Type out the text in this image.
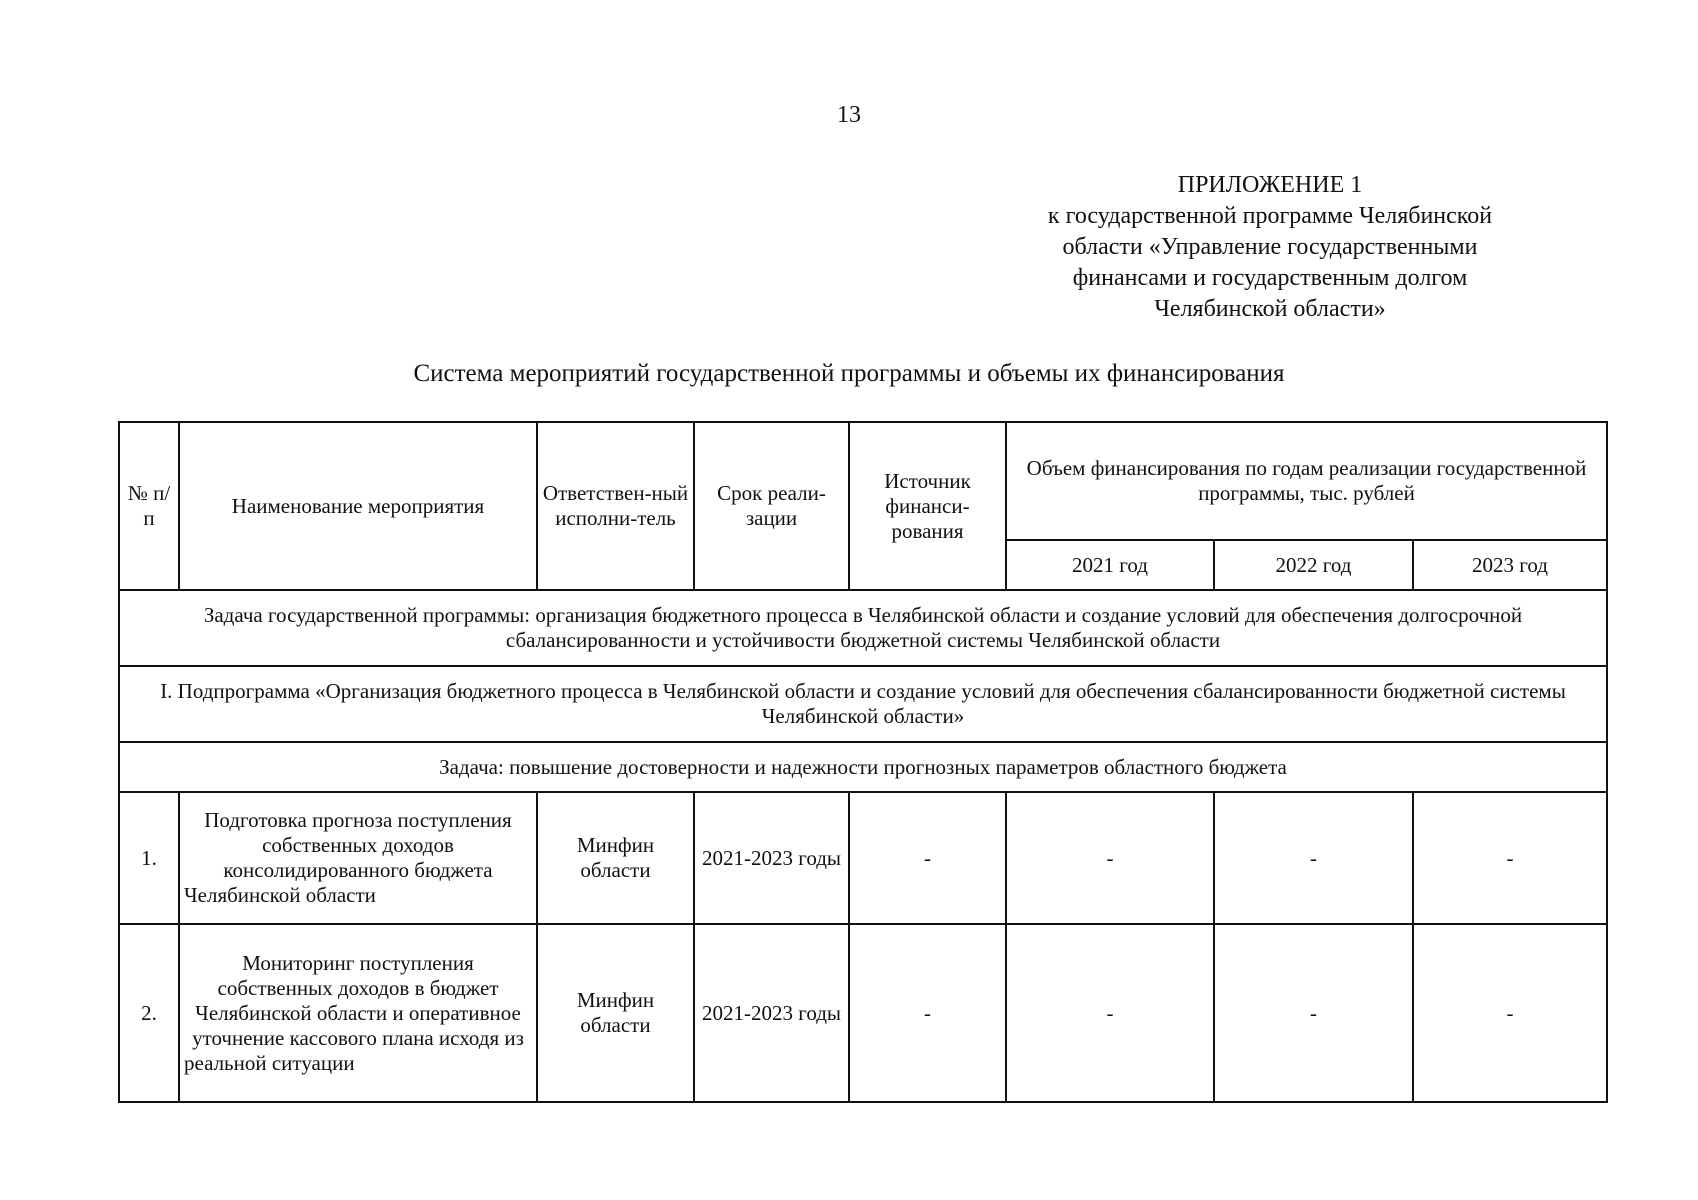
13
ПРИЛОЖЕНИЕ 1
к государственной программе Челябинской
области «Управление государственными
финансами и государственным долгом
Челябинской области»
Система мероприятий государственной программы и объемы их финансирования
№ п/п	Наименование мероприятия	Ответствен-ный исполни-тель	Срок реали-зации	Источник финанси-рования	Объем финансирования по годам реализации государственной программы, тыс. рублей		
					2021 год	2022 год	2023 год
Задача государственной программы: организация бюджетного процесса в Челябинской области и создание условий для обеспечения долгосрочной сбалансированности и устойчивости бюджетной системы Челябинской области							
I. Подпрограмма «Организация бюджетного процесса в Челябинской области и создание условий для обеспечения сбалансированности бюджетной системы Челябинской области»							
Задача: повышение достоверности и надежности прогнозных параметров областного бюджета							
1.	Подготовка прогноза поступления собственных доходов консолидированного бюджета Челябинской области	Минфин области	2021-2023 годы	-	-	-	-
2.	Мониторинг поступления собственных доходов в бюджет Челябинской области и оперативное уточнение кассового плана исходя из реальной ситуации	Минфин области	2021-2023 годы	-	-	-	-
